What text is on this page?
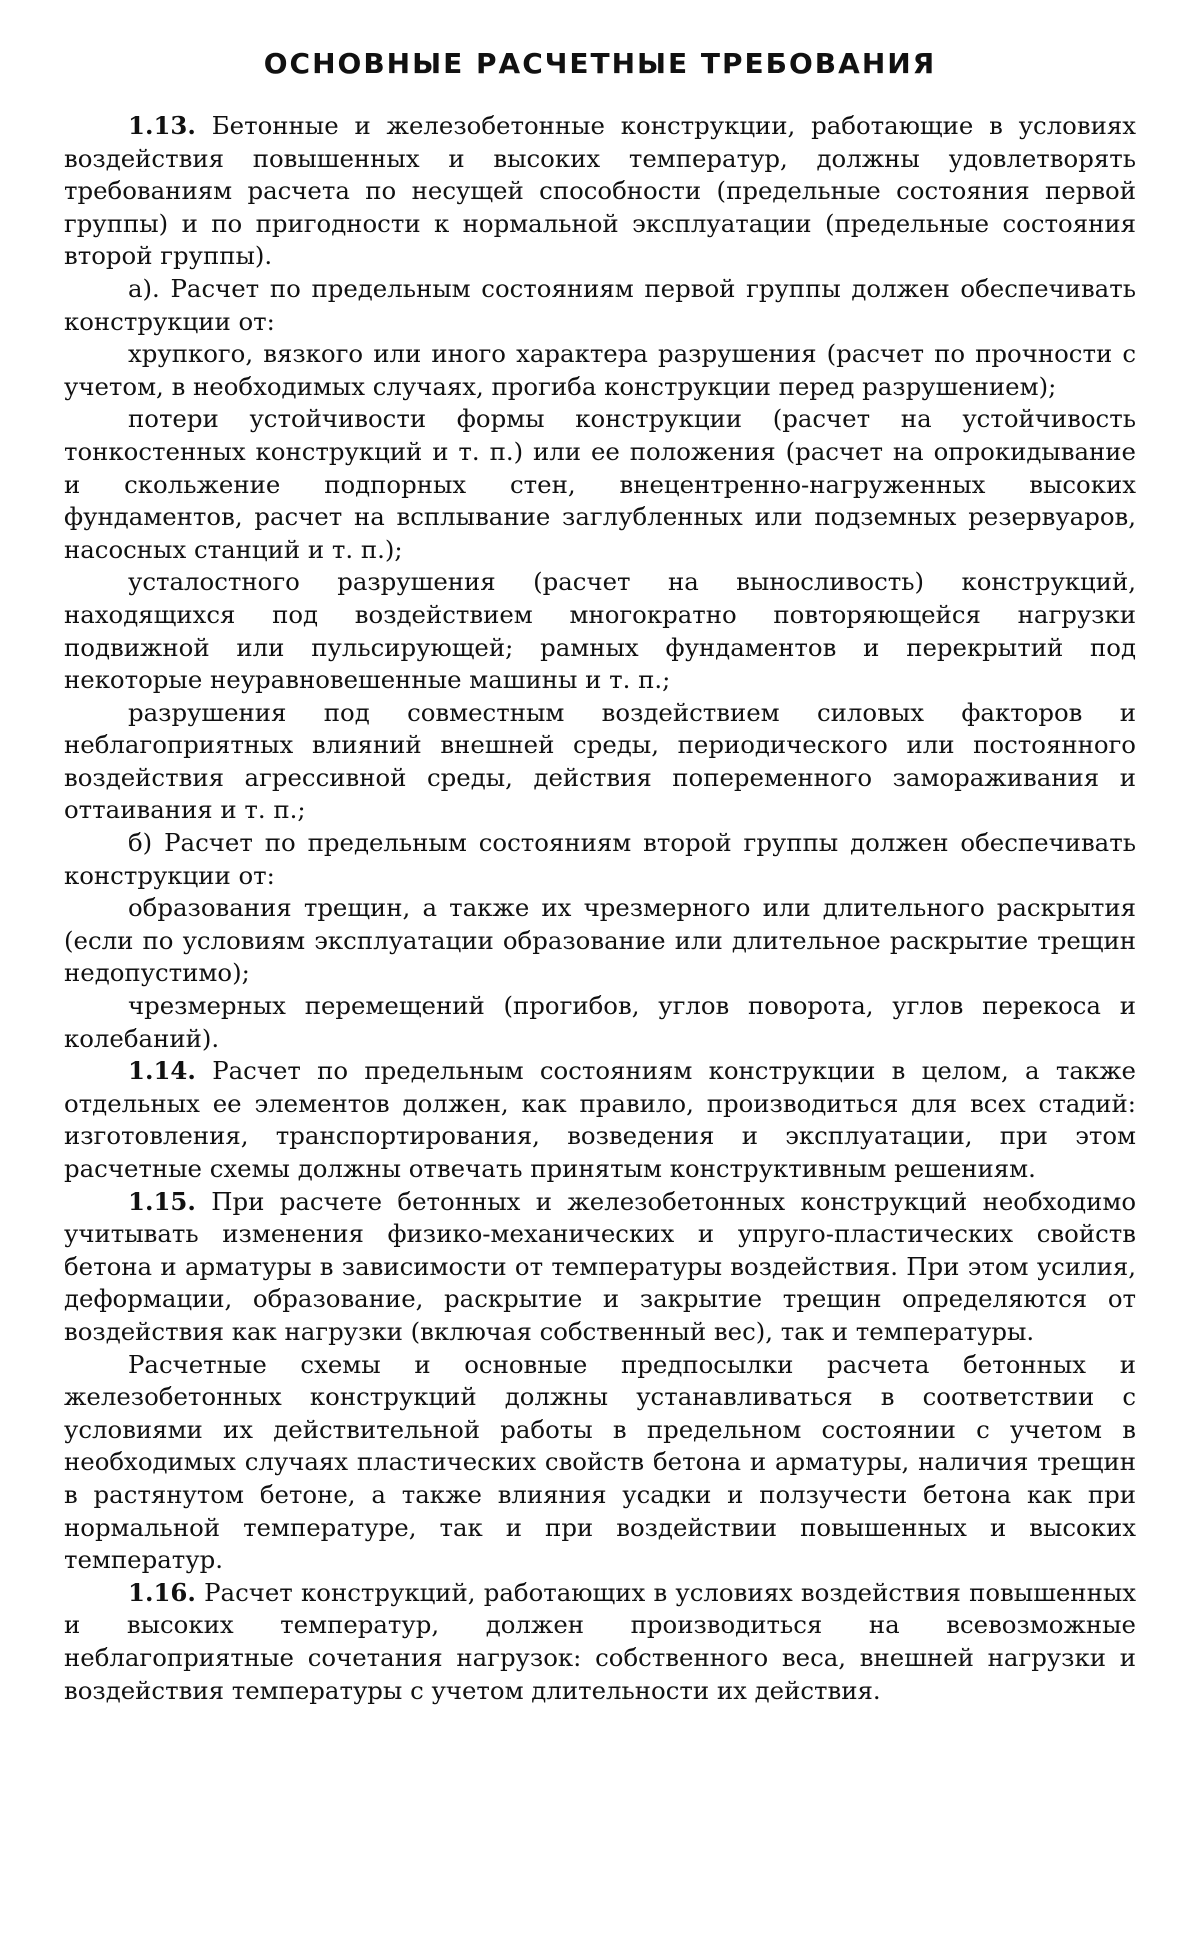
ОСНОВНЫЕ РАСЧЕТНЫЕ ТРЕБОВАНИЯ

1.13. Бетонные и железобетонные конструкции, работающие в условиях воздействия повышенных и высоких температур, должны удовлетворять требованиям расчета по несущей способности (предельные состояния первой группы) и по пригодности к нормальной эксплуатации (предельные состояния второй группы).

а). Расчет по предельным состояниям первой группы должен обеспечивать конструкции от:

хрупкого, вязкого или иного характера разрушения (расчет по прочности с учетом, в необходимых случаях, прогиба конструкции перед разрушением);

потери устойчивости формы конструкции (расчет на устойчивость тонкостенных конструкций и т. п.) или ее положения (расчет на опрокидывание и скольжение подпорных стен, внецентренно-нагруженных высоких фундаментов, расчет на всплывание заглубленных или подземных резервуаров, насосных станций и т. п.);

усталостного разрушения (расчет на выносливость) конструкций, находящихся под воздействием многократно повторяющейся нагрузки подвижной или пульсирующей; рамных фундаментов и перекрытий под некоторые неуравновешенные машины и т. п.;

разрушения под совместным воздействием силовых факторов и неблагоприятных влияний внешней среды, периодического или постоянного воздействия агрессивной среды, действия попеременного замораживания и оттаивания и т. п.;

б) Расчет по предельным состояниям второй группы должен обеспечивать конструкции от:

образования трещин, а также их чрезмерного или длительного раскрытия (если по условиям эксплуатации образование или длительное раскрытие трещин недопустимо);

чрезмерных перемещений (прогибов, углов поворота, углов перекоса и колебаний).

1.14. Расчет по предельным состояниям конструкции в целом, а также отдельных ее элементов должен, как правило, производиться для всех стадий: изготовления, транспортирования, возведения и эксплуатации, при этом расчетные схемы должны отвечать принятым конструктивным решениям.

1.15. При расчете бетонных и железобетонных конструкций необходимо учитывать изменения физико-механических и упруго-пластических свойств бетона и арматуры в зависимости от температуры воздействия. При этом усилия, деформации, образование, раскрытие и закрытие трещин определяются от воздействия как нагрузки (включая собственный вес), так и температуры.

Расчетные схемы и основные предпосылки расчета бетонных и железобетонных конструкций должны устанавливаться в соответствии с условиями их действительной работы в предельном состоянии с учетом в необходимых случаях пластических свойств бетона и арматуры, наличия трещин в растянутом бетоне, а также влияния усадки и ползучести бетона как при нормальной температуре, так и при воздействии повышенных и высоких температур.

1.16. Расчет конструкций, работающих в условиях воздействия повышенных и высоких температур, должен производиться на всевозможные неблагоприятные сочетания нагрузок: собственного веса, внешней нагрузки и воздействия температуры с учетом длительности их действия.
